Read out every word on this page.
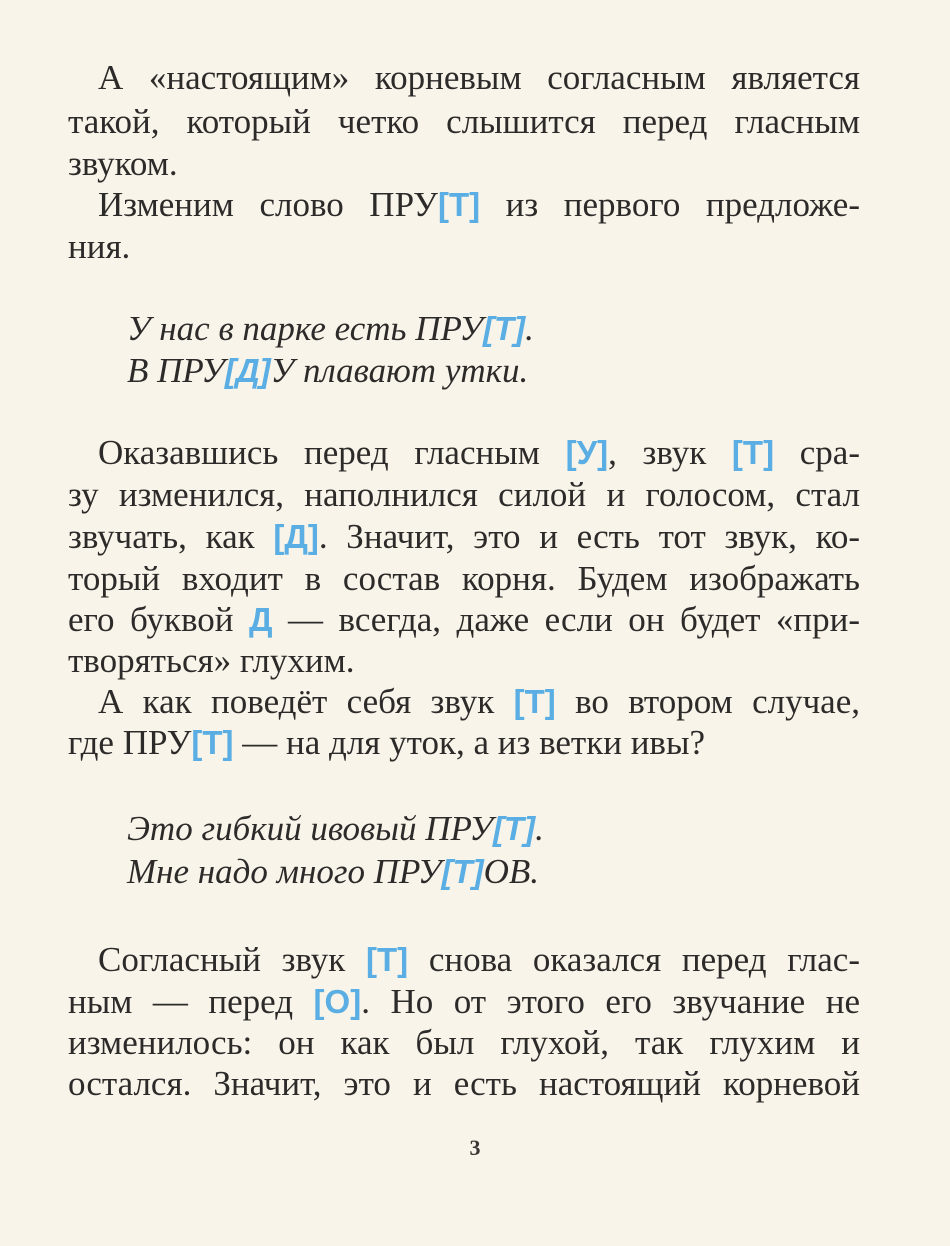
А «настоящим» корневым согласным является
такой, который четко слышится перед гласным
звуком.
Изменим слово ПРУ[Т] из первого предложе-
ния.
У нас в парке есть ПРУ[Т].
В ПРУ[Д]У плавают утки.
Оказавшись перед гласным [У], звук [Т] сра-
зу изменился, наполнился силой и голосом, стал
звучать, как [Д]. Значит, это и есть тот звук, ко-
торый входит в состав корня. Будем изображать
его буквой Д — всегда, даже если он будет «при-
творяться» глухим.
А как поведёт себя звук [Т] во втором случае,
где ПРУ[Т] — на для уток, а из ветки ивы?
Это гибкий ивовый ПРУ[Т].
Мне надо много ПРУ[Т]ОВ.
Согласный звук [Т] снова оказался перед глас-
ным — перед [О]. Но от этого его звучание не
изменилось: он как был глухой, так глухим и
остался. Значит, это и есть настоящий корневой
3
